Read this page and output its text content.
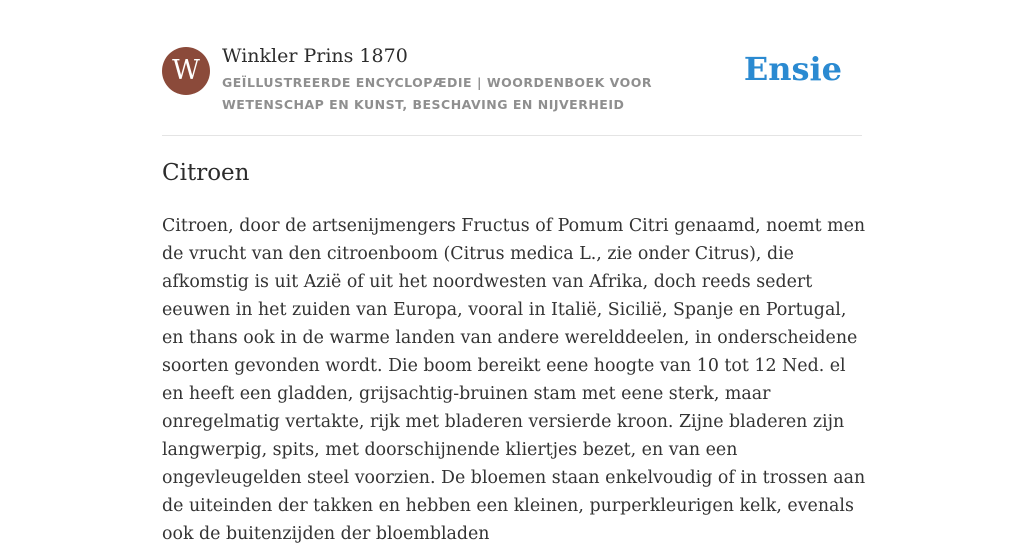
W	Winkler Prins 1870
GEÏLLUSTREERDE ENCYCLOPÆDIE | WOORDENBOEK VOOR WETENSCHAP EN KUNST, BESCHAVING EN NIJVERHEID
Ensie
Citroen

Citroen, door de artsenijmengers Fructus of Pomum Citri genaamd, noemt men de vrucht van den citroenboom (Citrus medica L., zie onder Citrus), die afkomstig is uit Azië of uit het noordwesten van Afrika, doch reeds sedert eeuwen in het zuiden van Europa, vooral in Italië, Sicilië, Spanje en Portugal, en thans ook in de warme landen van andere werelddeelen, in onderscheidene soorten gevonden wordt. Die boom bereikt eene hoogte van 10 tot 12 Ned. el en heeft een gladden, grijsachtig-bruinen stam met eene sterk, maar onregelmatig vertakte, rijk met bladeren versierde kroon. Zijne bladeren zijn langwerpig, spits, met doorschijnende kliertjes bezet, en van een ongevleugelden steel voorzien. De bloemen staan enkelvoudig of in trossen aan de uiteinden der takken en hebben een kleinen, purperkleurigen kelk, evenals ook de buitenzijden der bloembladen
